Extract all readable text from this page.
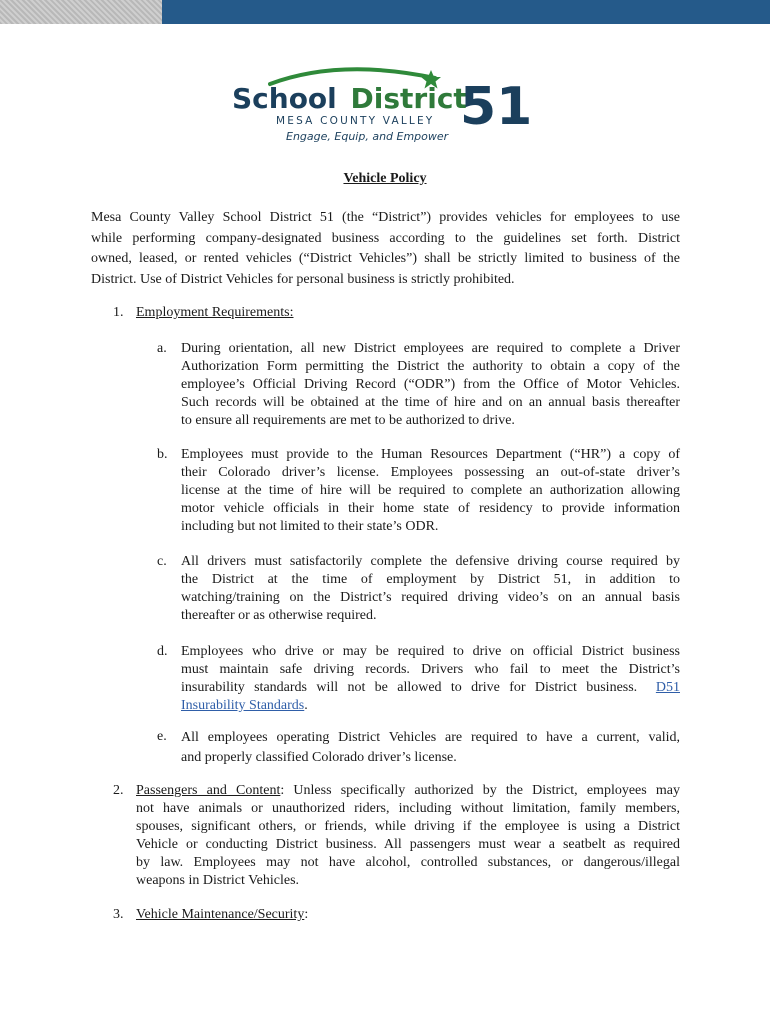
School District
51
MESA COUNTY VALLEY
Engage, Equip, and Empower
Vehicle Policy
Mesa County Valley School District 51 (the “District”) provides vehicles for employees to use
while performing company-designated business according to the guidelines set forth. District
owned, leased, or rented vehicles (“District Vehicles”) shall be strictly limited to business of the
District. Use of District Vehicles for personal business is strictly prohibited.
1. Employment Requirements:
a. During orientation, all new District employees are required to complete a Driver
Authorization Form permitting the District the authority to obtain a copy of the
employee’s Official Driving Record (“ODR”) from the Office of Motor Vehicles.
Such records will be obtained at the time of hire and on an annual basis thereafter
to ensure all requirements are met to be authorized to drive.
b. Employees must provide to the Human Resources Department (“HR”) a copy of
their Colorado driver’s license. Employees possessing an out-of-state driver’s
license at the time of hire will be required to complete an authorization allowing
motor vehicle officials in their home state of residency to provide information
including but not limited to their state’s ODR.
c. All drivers must satisfactorily complete the defensive driving course required by
the District at the time of employment by District 51, in addition to
watching/training on the District’s required driving video’s on an annual basis
thereafter or as otherwise required.
d. Employees who drive or may be required to drive on official District business
must maintain safe driving records. Drivers who fail to meet the District’s
insurability standards will not be allowed to drive for District business. D51
Insurability Standards.
e. All employees operating District Vehicles are required to have a current, valid,
and properly classified Colorado driver’s license.
2. Passengers and Content: Unless specifically authorized by the District, employees may
not have animals or unauthorized riders, including without limitation, family members,
spouses, significant others, or friends, while driving if the employee is using a District
Vehicle or conducting District business. All passengers must wear a seatbelt as required
by law. Employees may not have alcohol, controlled substances, or dangerous/illegal
weapons in District Vehicles.
3. Vehicle Maintenance/Security:
